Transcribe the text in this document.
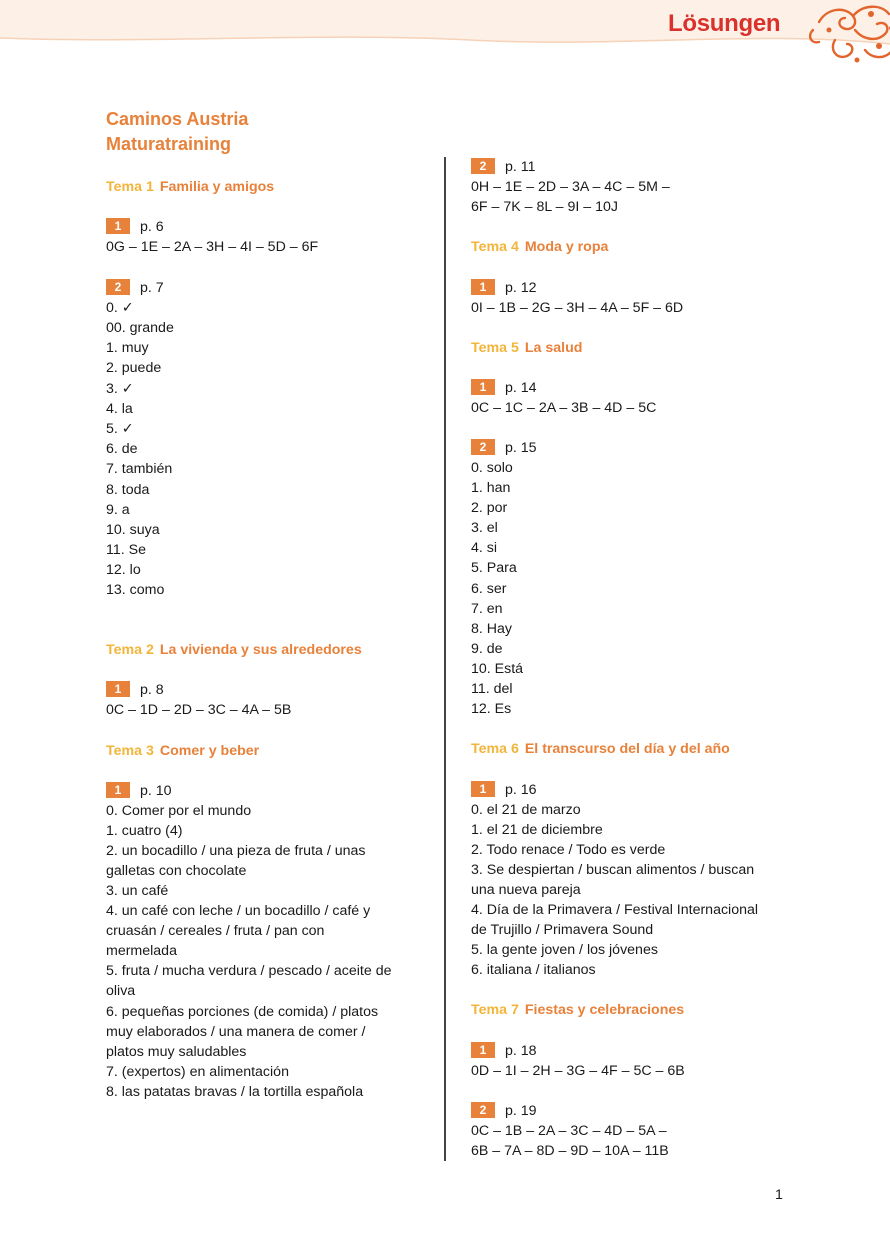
Lösungen
Caminos Austria
Maturatraining
Tema 1 Familia y amigos
1 p. 6
0G – 1E – 2A – 3H – 4I – 5D – 6F
2 p. 7
0. ✓
00. grande
1. muy
2. puede
3. ✓
4. la
5. ✓
6. de
7. también
8. toda
9. a
10. suya
11. Se
12. lo
13. como
Tema 2 La vivienda y sus alrededores
1 p. 8
0C – 1D – 2D – 3C – 4A – 5B
Tema 3 Comer y beber
1 p. 10
0. Comer por el mundo
1. cuatro (4)
2. un bocadillo / una pieza de fruta / unas galletas con chocolate
3. un café
4. un café con leche / un bocadillo / café y cruasán / cereales / fruta / pan con mermelada
5. fruta / mucha verdura / pescado / aceite de oliva
6. pequeñas porciones (de comida) / platos muy elaborados / una manera de comer / platos muy saludables
7. (expertos) en alimentación
8. las patatas bravas / la tortilla española
2 p. 11
0H – 1E – 2D – 3A – 4C – 5M –
6F – 7K – 8L – 9I – 10J
Tema 4 Moda y ropa
1 p. 12
0I – 1B – 2G – 3H – 4A – 5F – 6D
Tema 5 La salud
1 p. 14
0C – 1C – 2A – 3B – 4D – 5C
2 p. 15
0. solo
1. han
2. por
3. el
4. si
5. Para
6. ser
7. en
8. Hay
9. de
10. Está
11. del
12. Es
Tema 6 El transcurso del día y del año
1 p. 16
0. el 21 de marzo
1. el 21 de diciembre
2. Todo renace / Todo es verde
3. Se despiertan / buscan alimentos / buscan una nueva pareja
4. Día de la Primavera / Festival Internacional de Trujillo / Primavera Sound
5. la gente joven / los jóvenes
6. italiana / italianos
Tema 7 Fiestas y celebraciones
1 p. 18
0D – 1I – 2H – 3G – 4F – 5C – 6B
2 p. 19
0C – 1B – 2A – 3C – 4D – 5A –
6B – 7A – 8D – 9D – 10A – 11B
1
